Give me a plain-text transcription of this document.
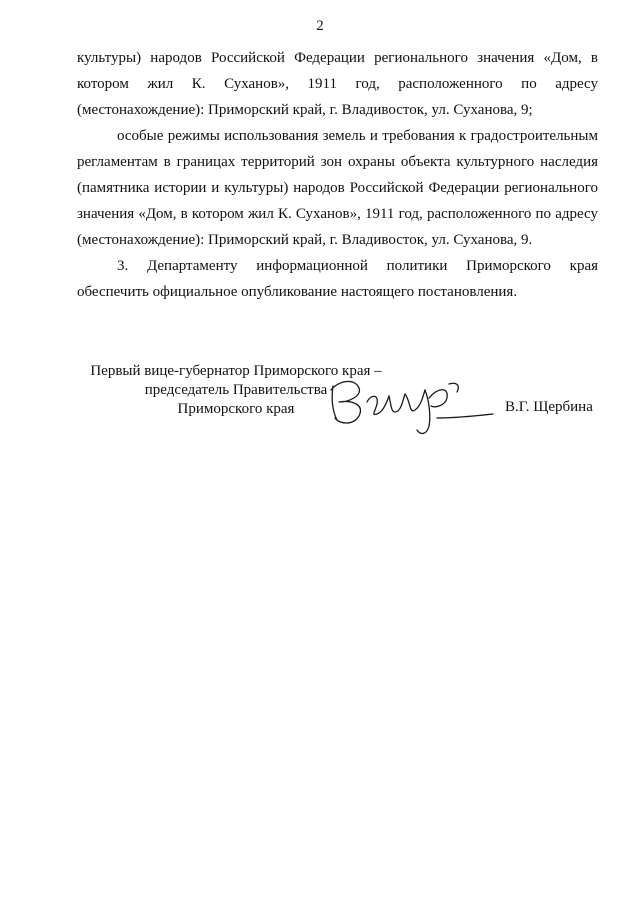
2

культуры) народов Российской Федерации регионального значения «Дом, в котором жил К. Суханов», 1911 год, расположенного по адресу (местонахождение): Приморский край, г. Владивосток, ул. Суханова, 9;

особые режимы использования земель и требования к градостроительным регламентам в границах территорий зон охраны объекта культурного наследия (памятника истории и культуры) народов Российской Федерации регионального значения «Дом, в котором жил К. Суханов», 1911 год, расположенного по адресу (местонахождение): Приморский край, г. Владивосток, ул. Суханова, 9.

3. Департаменту информационной политики Приморского края обеспечить официальное опубликование настоящего постановления.

Первый вице-губернатор Приморского края –
председатель Правительства
Приморского края	В.Г. Щербина
